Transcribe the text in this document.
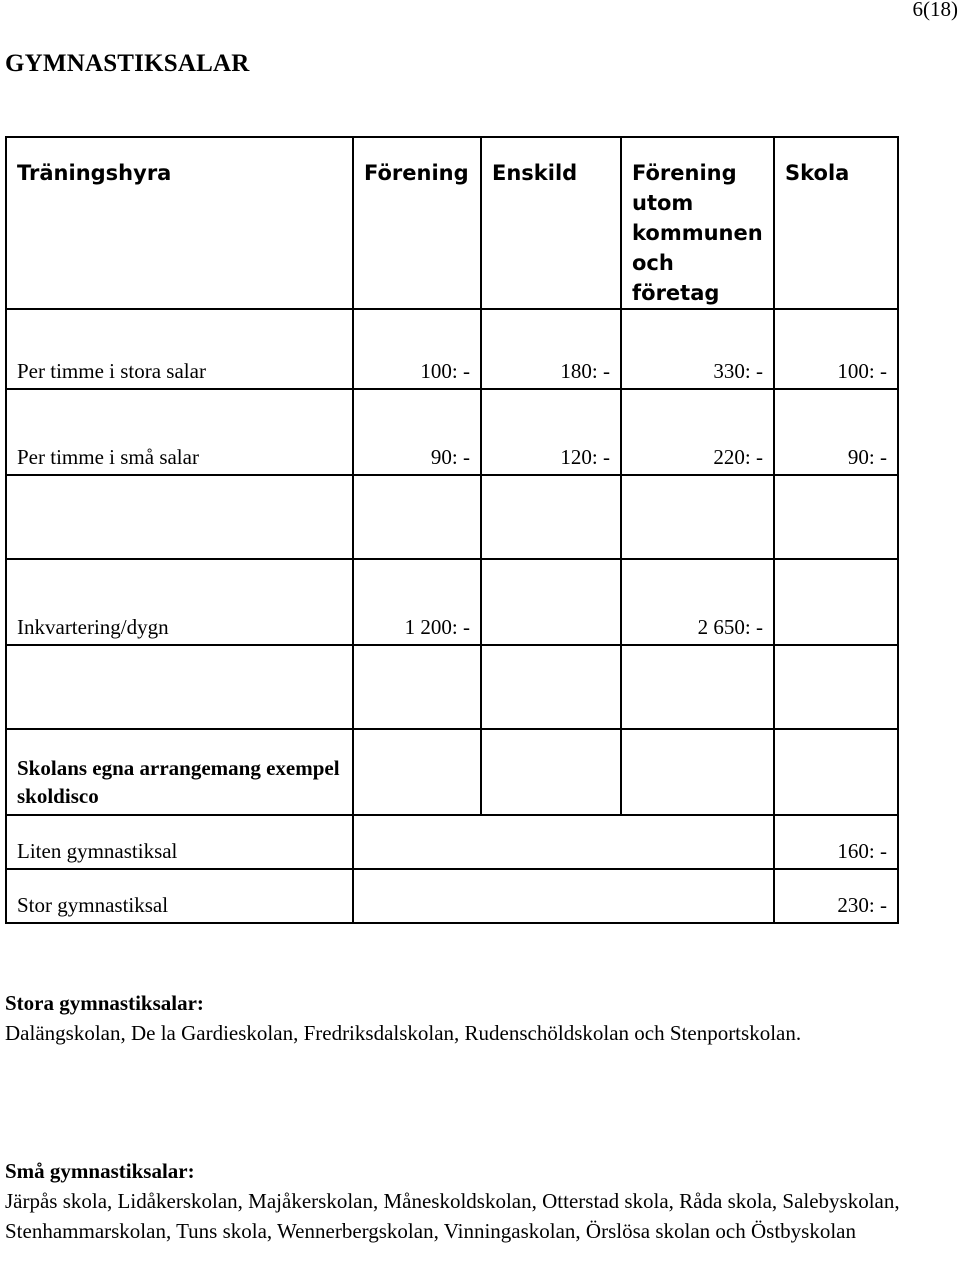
6(18)
GYMNASTIKSALAR
Träningshyra	Förening	Enskild	Förening utom kommunen och företag	Skola
Per timme i stora salar	100: -	180: -	330: -	100: -
Per timme i små salar	90: -	120: -	220: -	90: -

Inkvartering/dygn	1 200: -		2 650: -	

Skolans egna arrangemang exempel skoldisco				
Liten gymnastiksal				160: -
Stor gymnastiksal				230: -
Stora gymnastiksalar:
Dalängskolan, De la Gardieskolan, Fredriksdalskolan, Rudenschöldskolan och Stenportskolan.
Små gymnastiksalar:
Järpås skola, Lidåkerskolan, Majåkerskolan, Måneskoldskolan, Otterstad skola, Råda skola, Salebyskolan, Stenhammarskolan, Tuns skola, Wennerbergskolan, Vinningaskolan, Örslösa skolan och Östbyskolan
